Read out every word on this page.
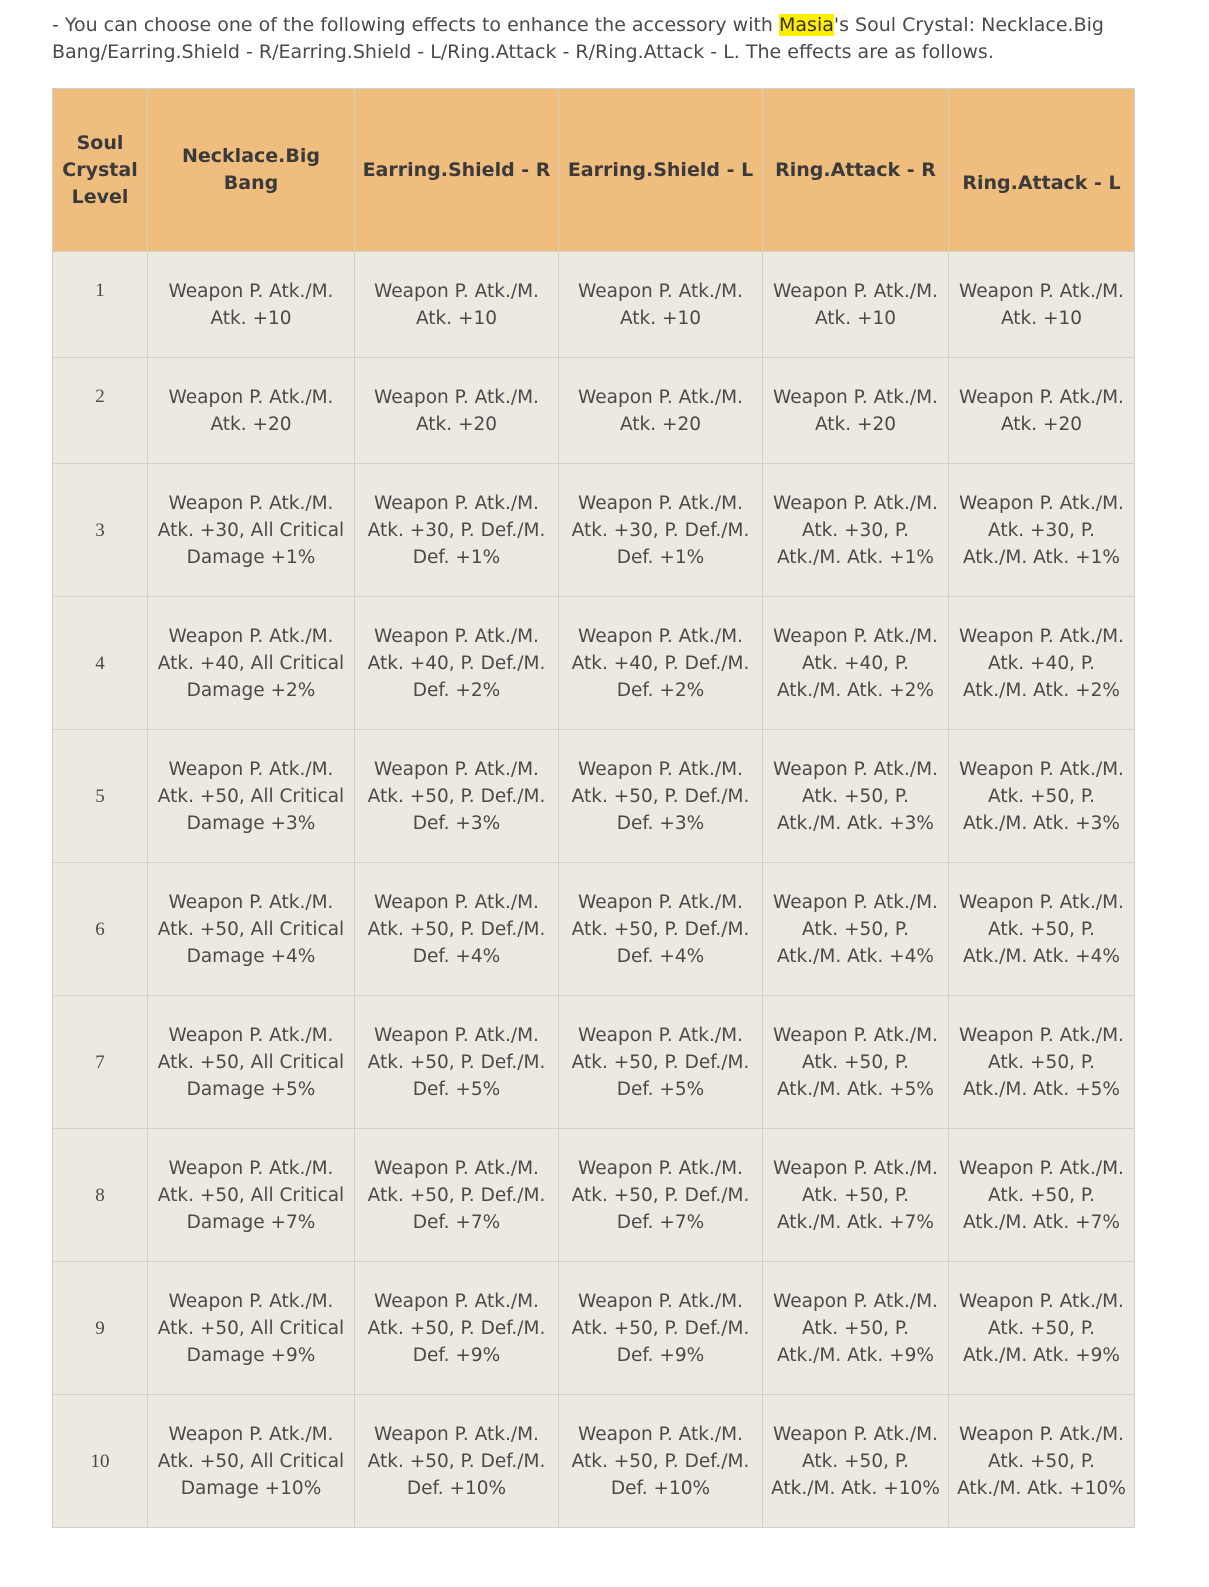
- You can choose one of the following effects to enhance the accessory with Masia's Soul Crystal: Necklace.Big Bang/Earring.Shield - R/Earring.Shield - L/Ring.Attack - R/Ring.Attack - L. The effects are as follows.

Soul Crystal Level	Necklace.Big Bang	Earring.Shield - R	Earring.Shield - L	Ring.Attack - R	Ring.Attack - L

1	Weapon P. Atk./M. Atk. +10	Weapon P. Atk./M. Atk. +10	Weapon P. Atk./M. Atk. +10	Weapon P. Atk./M. Atk. +10	Weapon P. Atk./M. Atk. +10

2	Weapon P. Atk./M. Atk. +20	Weapon P. Atk./M. Atk. +20	Weapon P. Atk./M. Atk. +20	Weapon P. Atk./M. Atk. +20	Weapon P. Atk./M. Atk. +20

3	Weapon P. Atk./M. Atk. +30, All Critical Damage +1%	Weapon P. Atk./M. Atk. +30, P. Def./M. Def. +1%	Weapon P. Atk./M. Atk. +30, P. Def./M. Def. +1%	Weapon P. Atk./M. Atk. +30, P. Atk./M. Atk. +1%	Weapon P. Atk./M. Atk. +30, P. Atk./M. Atk. +1%

4	Weapon P. Atk./M. Atk. +40, All Critical Damage +2%	Weapon P. Atk./M. Atk. +40, P. Def./M. Def. +2%	Weapon P. Atk./M. Atk. +40, P. Def./M. Def. +2%	Weapon P. Atk./M. Atk. +40, P. Atk./M. Atk. +2%	Weapon P. Atk./M. Atk. +40, P. Atk./M. Atk. +2%

5	Weapon P. Atk./M. Atk. +50, All Critical Damage +3%	Weapon P. Atk./M. Atk. +50, P. Def./M. Def. +3%	Weapon P. Atk./M. Atk. +50, P. Def./M. Def. +3%	Weapon P. Atk./M. Atk. +50, P. Atk./M. Atk. +3%	Weapon P. Atk./M. Atk. +50, P. Atk./M. Atk. +3%

6	Weapon P. Atk./M. Atk. +50, All Critical Damage +4%	Weapon P. Atk./M. Atk. +50, P. Def./M. Def. +4%	Weapon P. Atk./M. Atk. +50, P. Def./M. Def. +4%	Weapon P. Atk./M. Atk. +50, P. Atk./M. Atk. +4%	Weapon P. Atk./M. Atk. +50, P. Atk./M. Atk. +4%

7	Weapon P. Atk./M. Atk. +50, All Critical Damage +5%	Weapon P. Atk./M. Atk. +50, P. Def./M. Def. +5%	Weapon P. Atk./M. Atk. +50, P. Def./M. Def. +5%	Weapon P. Atk./M. Atk. +50, P. Atk./M. Atk. +5%	Weapon P. Atk./M. Atk. +50, P. Atk./M. Atk. +5%

8	Weapon P. Atk./M. Atk. +50, All Critical Damage +7%	Weapon P. Atk./M. Atk. +50, P. Def./M. Def. +7%	Weapon P. Atk./M. Atk. +50, P. Def./M. Def. +7%	Weapon P. Atk./M. Atk. +50, P. Atk./M. Atk. +7%	Weapon P. Atk./M. Atk. +50, P. Atk./M. Atk. +7%

9	Weapon P. Atk./M. Atk. +50, All Critical Damage +9%	Weapon P. Atk./M. Atk. +50, P. Def./M. Def. +9%	Weapon P. Atk./M. Atk. +50, P. Def./M. Def. +9%	Weapon P. Atk./M. Atk. +50, P. Atk./M. Atk. +9%	Weapon P. Atk./M. Atk. +50, P. Atk./M. Atk. +9%

10	Weapon P. Atk./M. Atk. +50, All Critical Damage +10%	Weapon P. Atk./M. Atk. +50, P. Def./M. Def. +10%	Weapon P. Atk./M. Atk. +50, P. Def./M. Def. +10%	Weapon P. Atk./M. Atk. +50, P. Atk./M. Atk. +10%	Weapon P. Atk./M. Atk. +50, P. Atk./M. Atk. +10%
